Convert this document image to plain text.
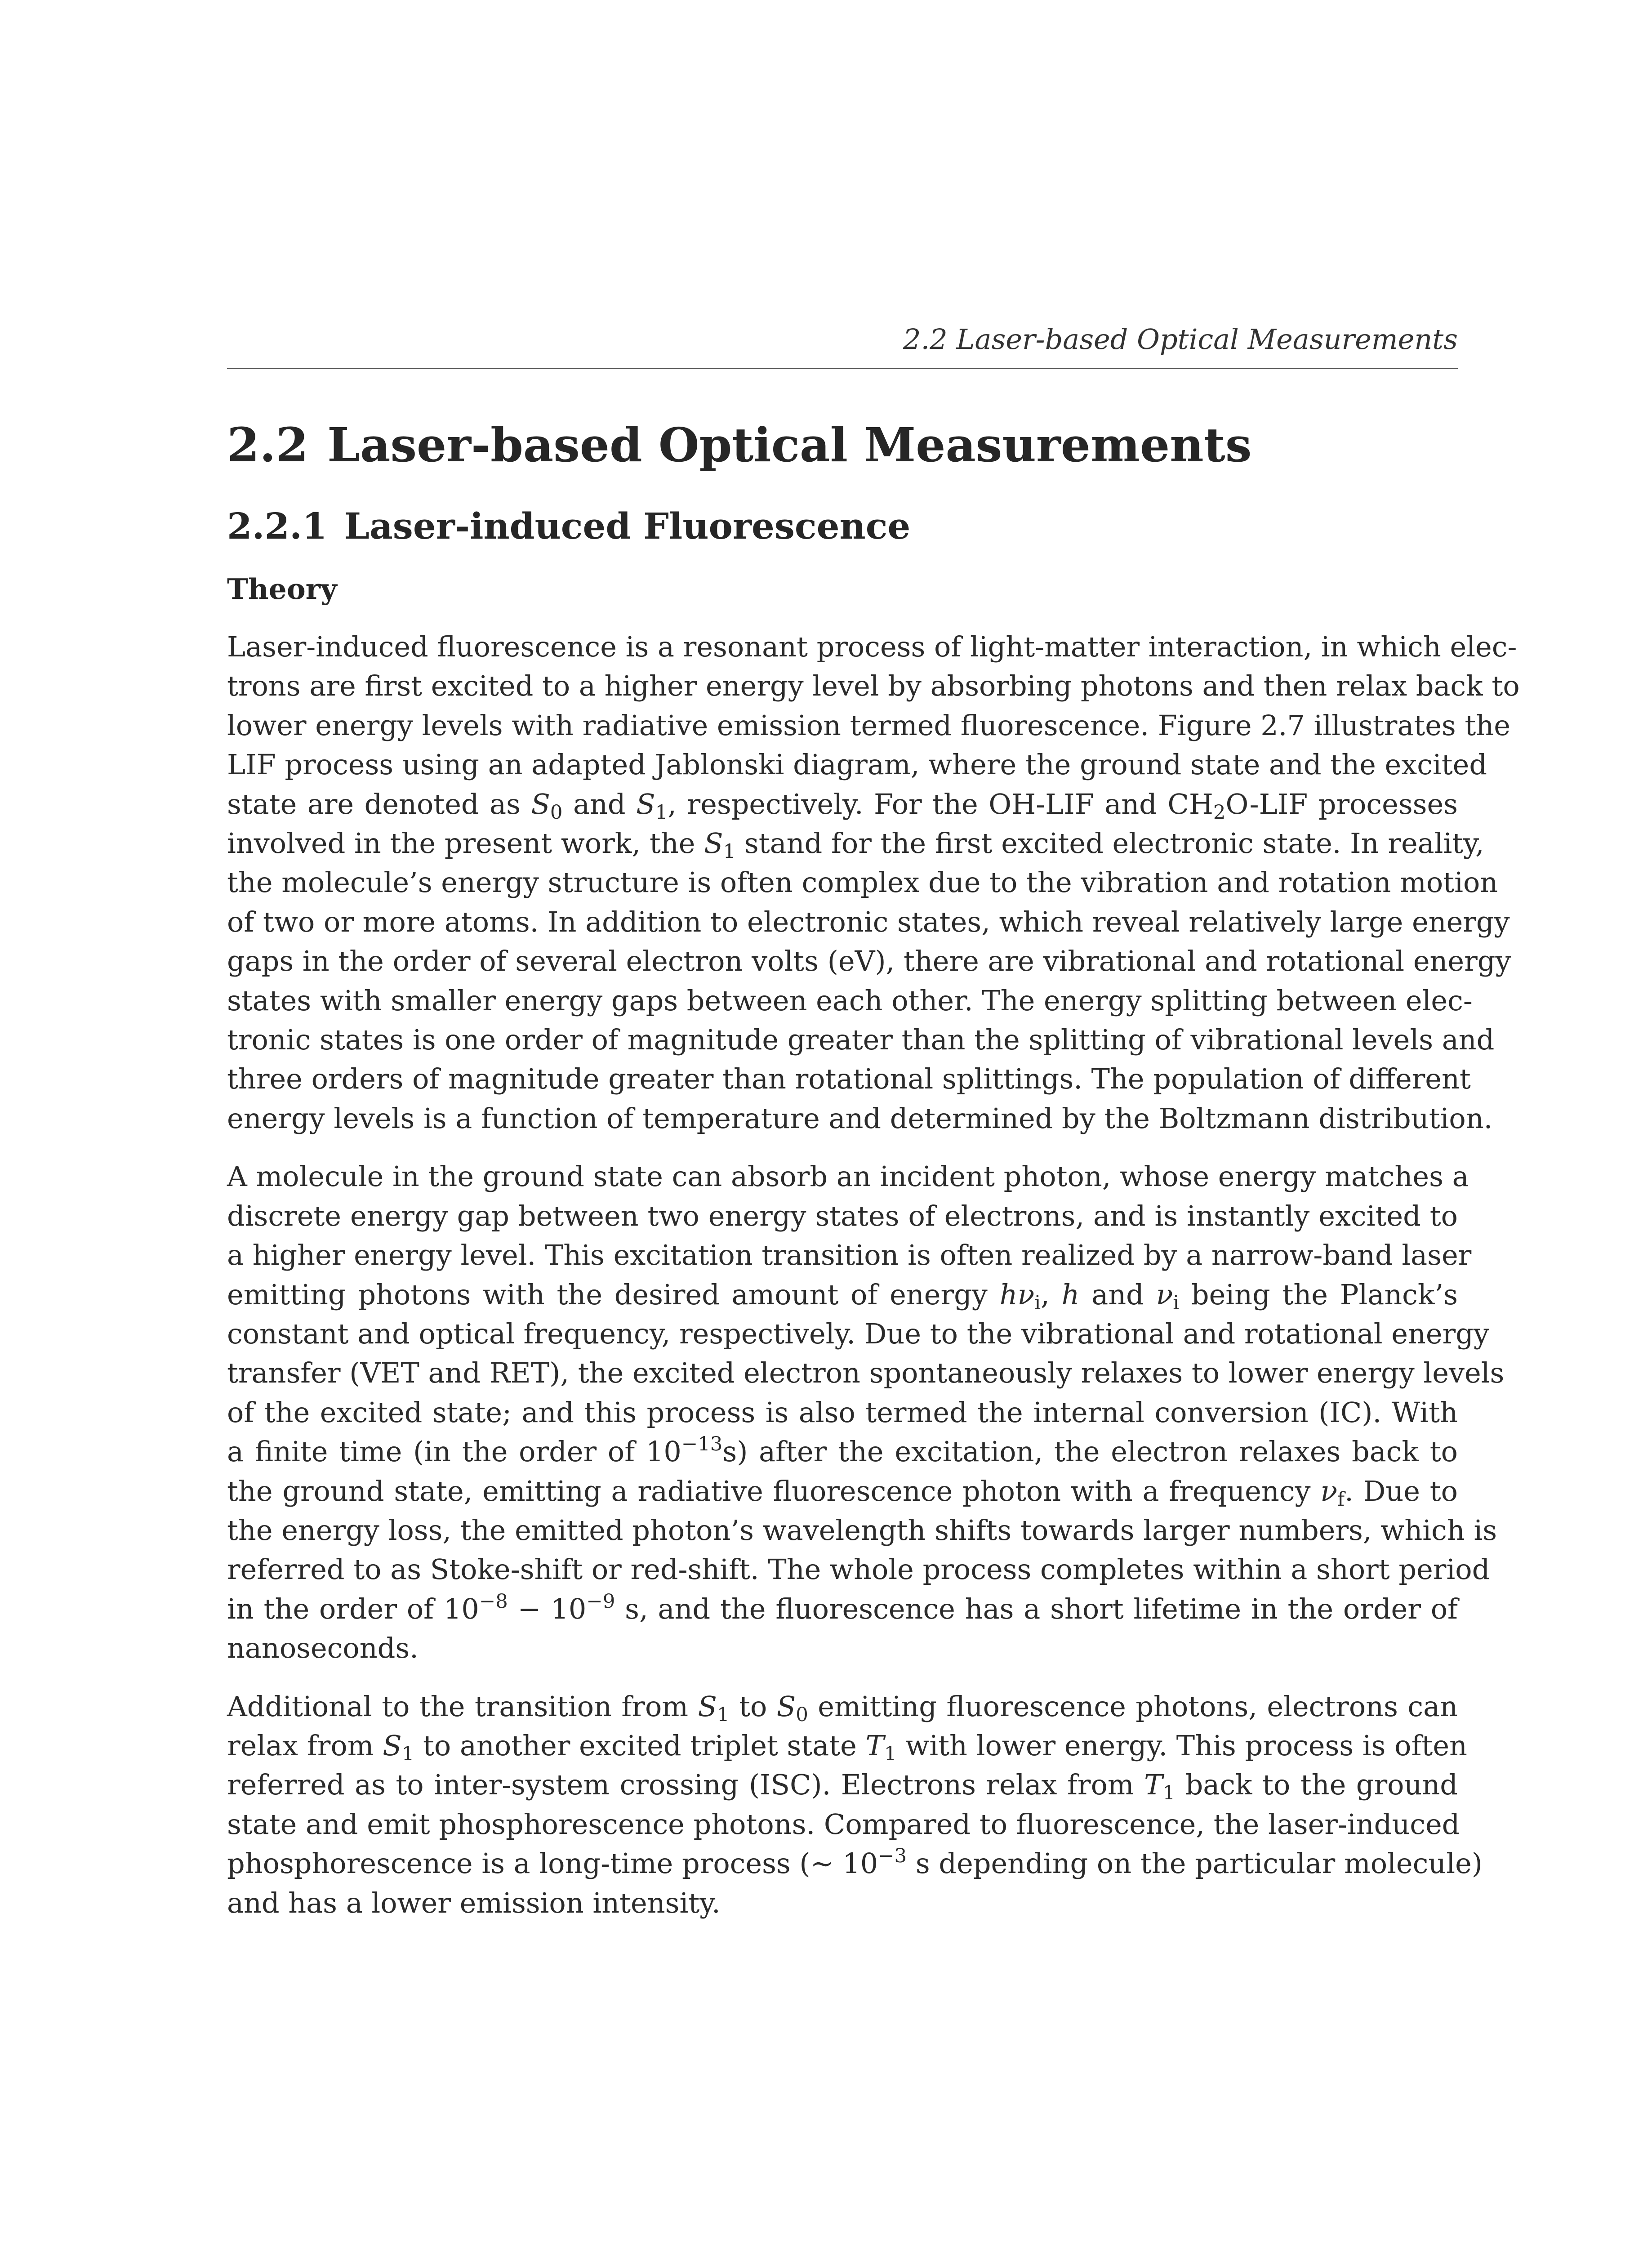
2.2 Laser-based Optical Measurements
2.2 Laser-based Optical Measurements
2.2.1 Laser-induced Fluorescence
Theory

Laser-induced fluorescence is a resonant process of light-matter interaction, in which elec-
trons are first excited to a higher energy level by absorbing photons and then relax back to
lower energy levels with radiative emission termed fluorescence. Figure 2.7 illustrates the
LIF process using an adapted Jablonski diagram, where the ground state and the excited
state are denoted as $S_0$ and $S_1$, respectively. For the OH-LIF and $CH_2O$-LIF processes
involved in the present work, the $S_1$ stand for the first excited electronic state. In reality,
the molecule’s energy structure is often complex due to the vibration and rotation motion
of two or more atoms. In addition to electronic states, which reveal relatively large energy
gaps in the order of several electron volts (eV), there are vibrational and rotational energy
states with smaller energy gaps between each other. The energy splitting between elec-
tronic states is one order of magnitude greater than the splitting of vibrational levels and
three orders of magnitude greater than rotational splittings. The population of different
energy levels is a function of temperature and determined by the Boltzmann distribution.

A molecule in the ground state can absorb an incident photon, whose energy matches a
discrete energy gap between two energy states of electrons, and is instantly excited to
a higher energy level. This excitation transition is often realized by a narrow-band laser
emitting photons with the desired amount of energy $h\nu_i$, h and $\nu_i$ being the Planck’s
constant and optical frequency, respectively. Due to the vibrational and rotational energy
transfer (VET and RET), the excited electron spontaneously relaxes to lower energy levels
of the excited state; and this process is also termed the internal conversion (IC). With
a finite time (in the order of $10^{-13}s$) after the excitation, the electron relaxes back to
the ground state, emitting a radiative fluorescence photon with a frequency $\nu_f$. Due to
the energy loss, the emitted photon’s wavelength shifts towards larger numbers, which is
referred to as Stoke-shift or red-shift. The whole process completes within a short period
in the order of $10^{-8} - 10^{-9}$ s, and the fluorescence has a short lifetime in the order of
nanoseconds.

Additional to the transition from $S_1$ to $S_0$ emitting fluorescence photons, electrons can
relax from $S_1$ to another excited triplet state $T_1$ with lower energy. This process is often
referred as to inter-system crossing (ISC). Electrons relax from $T_1$ back to the ground
state and emit phosphorescence photons. Compared to fluorescence, the laser-induced
phosphorescence is a long-time process (∼ $10^{-3}$ s depending on the particular molecule)
and has a lower emission intensity.
